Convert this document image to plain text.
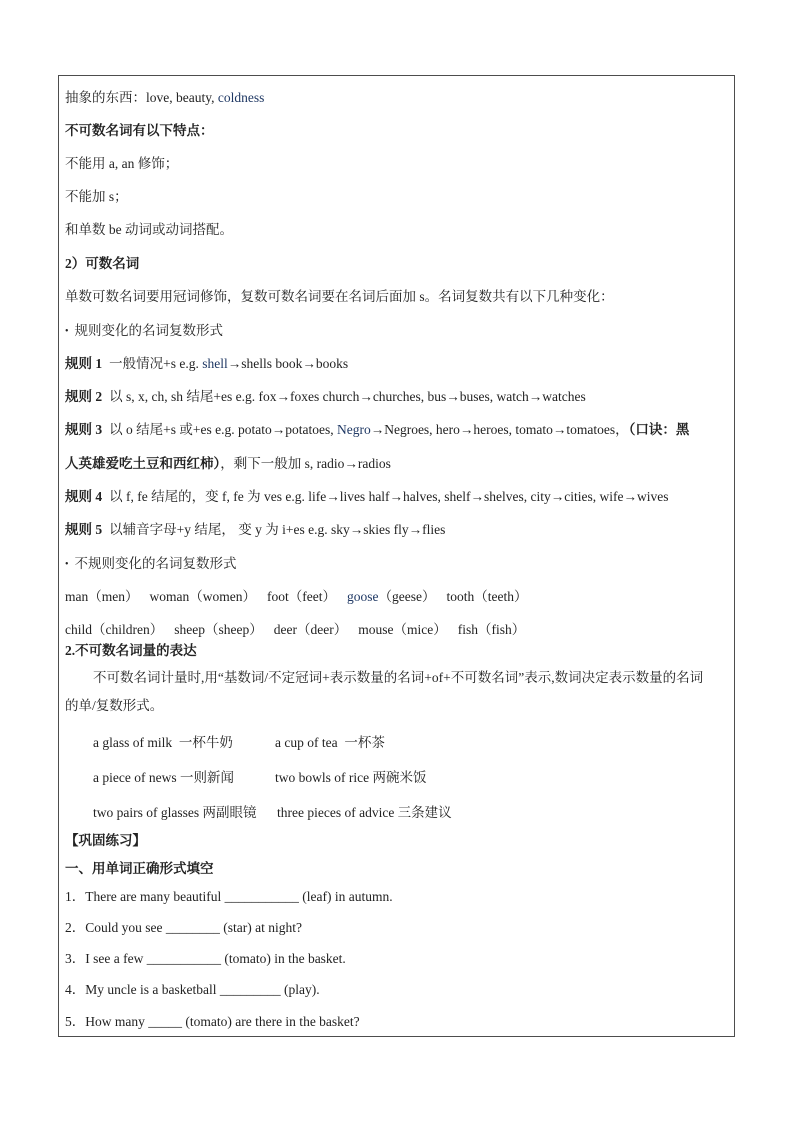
抽象的东西：love, beauty, coldness
不可数名词有以下特点：
不能用 a, an 修饰；
不能加 s；
和单数 be 动词或动词搭配。
2）可数名词
单数可数名词要用冠词修饰，复数可数名词要在名词后面加 s。名词复数共有以下几种变化：
• 规则变化的名词复数形式
规则 1 一般情况+s e.g. shell→shells book→books
规则 2 以 s, x, ch, sh 结尾+es e.g. fox→foxes church→churches, bus→buses, watch→watches
规则 3 以 o 结尾+s 或+es e.g. potato→potatoes, Negro→Negroes, hero→heroes, tomato→tomatoes，（口诀：黑
人英雄爱吃土豆和西红柿），剩下一般加 s, radio→radios
规则 4 以 f, fe 结尾的，变 f, fe 为 ves e.g. life→lives half→halves, shelf→shelves, city→cities, wife→wives
规则 5 以辅音字母+y 结尾， 变 y 为 i+es e.g. sky→skies fly→flies
• 不规则变化的名词复数形式
man（men） woman（women） foot（feet） goose（geese） tooth（teeth）
child（children） sheep（sheep） deer（deer） mouse（mice） fish（fish）
2.不可数名词量的表达
不可数名词计量时,用“基数词/不定冠词+表示数量的名词+of+不可数名词”表示,数词决定表示数量的名词
的单/复数形式。
a glass of milk  一杯牛奶	a cup of tea  一杯茶
a piece of news 一则新闻	two bowls of rice 两碗米饭
two pairs of glasses 两副眼镜 three pieces of advice 三条建议
【巩固练习】
一、用单词正确形式填空
1．There are many beautiful ___________ (leaf) in autumn.
2．Could you see ________ (star) at night?
3．I see a few ___________ (tomato) in the basket.
4．My uncle is a basketball _________ (play).
5．How many _____ (tomato) are there in the basket?
